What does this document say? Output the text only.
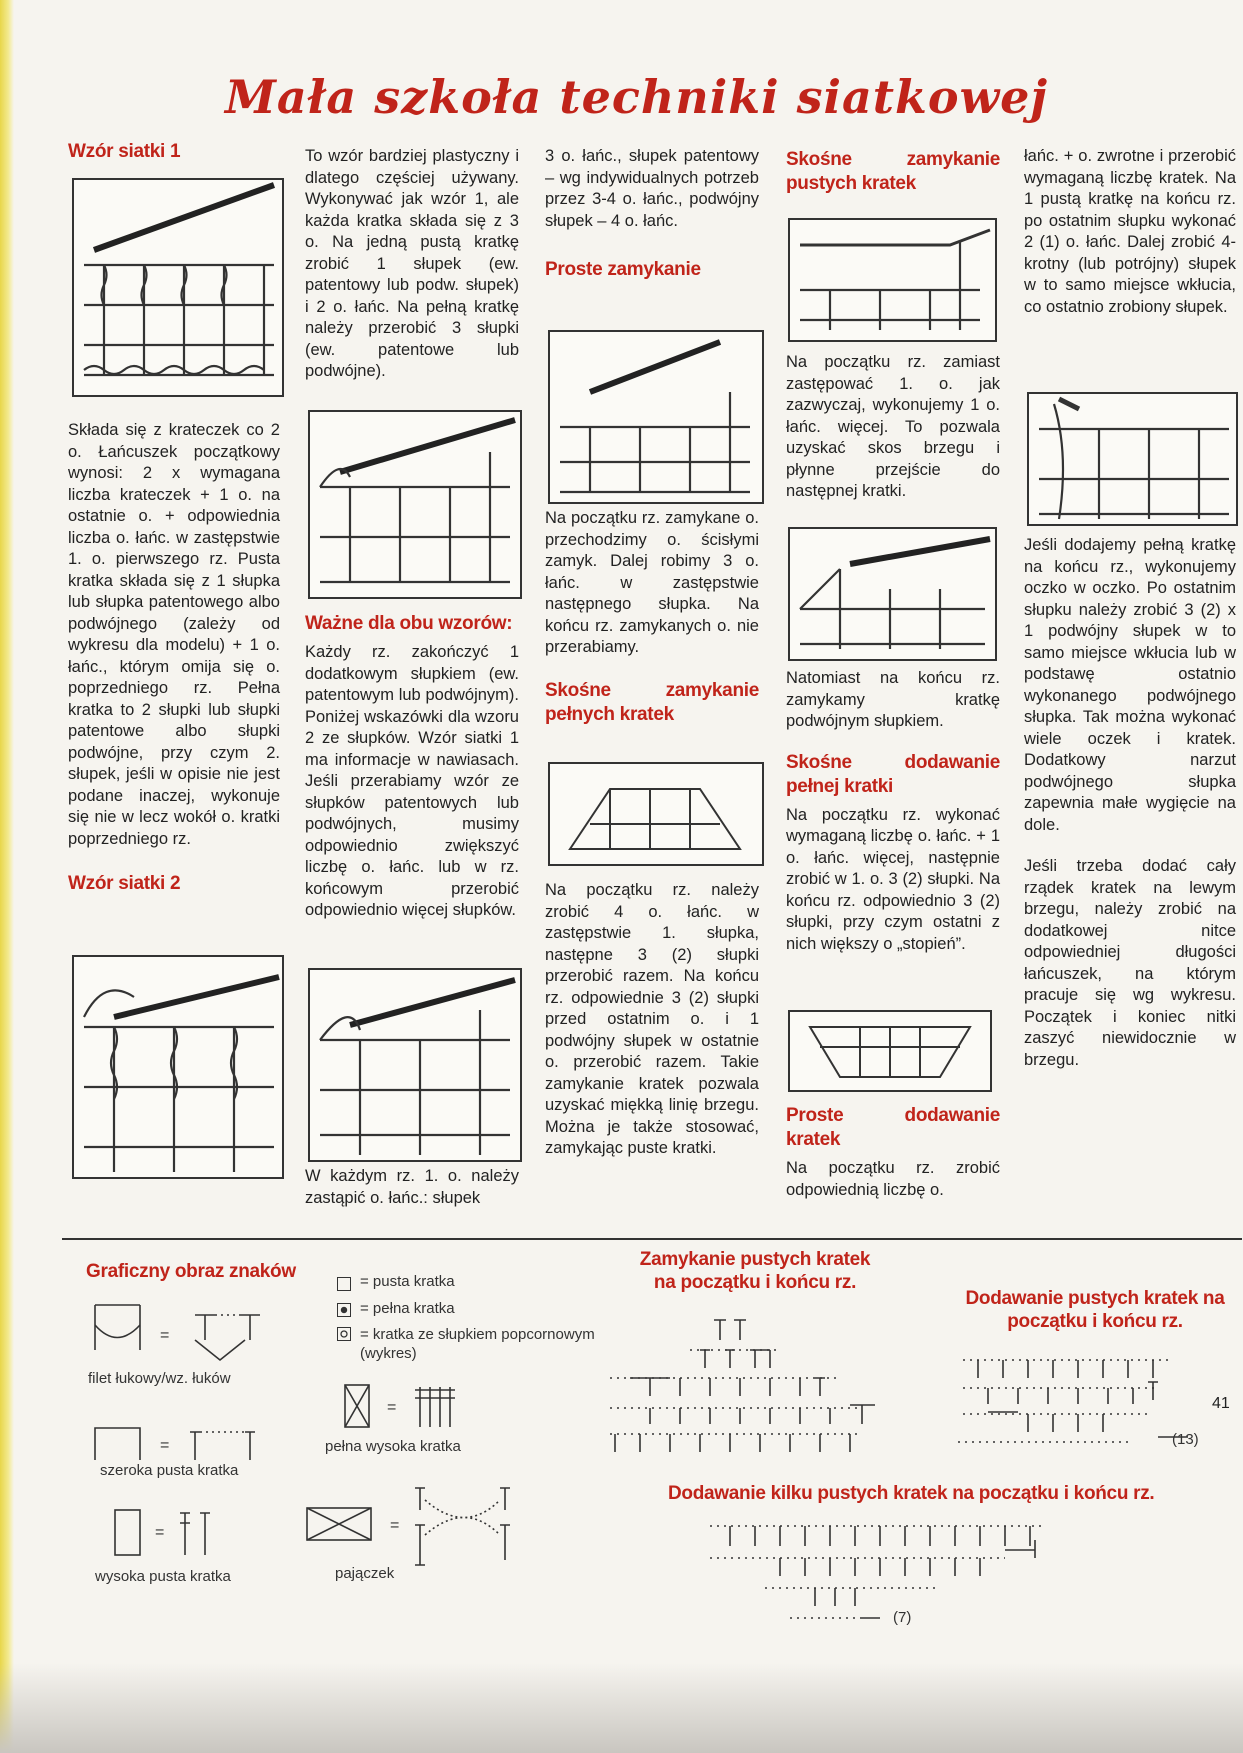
Mała szkoła techniki siatkowej
Wzór siatki 1

Składa się z krateczek co 2 o. Łańcuszek początkowy wynosi: 2 x wymagana liczba krateczek + 1 o. na ostatnie o. + odpowiednia liczba o. łańc. w zastępstwie 1. o. pierwszego rz. Pusta kratka składa się z 1 słupka lub słupka patentowego albo podwójnego (zależy od wykresu dla modelu) + 1 o. łańc., którym omija się o. poprzedniego rz. Pełna kratka to 2 słupki lub słupki patentowe albo słupki podwójne, przy czym 2. słupek, jeśli w opisie nie jest podane inaczej, wykonuje się nie w lecz wokół o. kratki poprzedniego rz.

Wzór siatki 2

To wzór bardziej plastyczny i dlatego częściej używany. Wykonywać jak wzór 1, ale każda kratka składa się z 3 o. Na jedną pustą kratkę zrobić 1 słupek (ew. patentowy lub podw. słupek) i 2 o. łańc. Na pełną kratkę należy przerobić 3 słupki (ew. patentowe lub podwójne).

Ważne dla obu wzorów:

Każdy rz. zakończyć 1 dodatkowym słupkiem (ew. patentowym lub podwójnym). Poniżej wskazówki dla wzoru 2 ze słupków. Wzór siatki 1 ma informacje w nawiasach. Jeśli przerabiamy wzór ze słupków patentowych lub podwójnych, musimy odpowiednio zwiększyć liczbę o. łańc. lub w rz. końcowym przerobić odpowiednio więcej słupków.

W każdym rz. 1. o. należy zastąpić o. łańc.: słupek

3 o. łańc., słupek patentowy – wg indywidualnych potrzeb przez 3-4 o. łańc., podwójny słupek – 4 o. łańc.

Proste zamykanie

Na początku rz. zamykane o. przechodzimy o. ścisłymi zamyk. Dalej robimy 3 o. łańc. w zastępstwie następnego słupka. Na końcu rz. zamykanych o. nie przerabiamy.

Skośne zamykanie pełnych kratek

Na początku rz. należy zrobić 4 o. łańc. w zastępstwie 1. słupka, następne 3 (2) słupki przerobić razem. Na końcu rz. odpowiednie 3 (2) słupki przed ostatnim o. i 1 podwójny słupek w ostatnie o. przerobić razem. Takie zamykanie kratek pozwala uzyskać miękką linię brzegu. Można je także stosować, zamykając puste kratki.

Skośne zamykanie pustych kratek

Na początku rz. zamiast zastępować 1. o. jak zazwyczaj, wykonujemy 1 o. łańc. więcej. To pozwala uzyskać skos brzegu i płynne przejście do następnej kratki.

Natomiast na końcu rz. zamykamy kratkę podwójnym słupkiem.

Skośne dodawanie pełnej kratki

Na początku rz. wykonać wymaganą liczbę o. łańc. + 1 o. łańc. więcej, następnie zrobić w 1. o. 3 (2) słupki. Na końcu rz. odpowiednio 3 (2) słupki, przy czym ostatni z nich większy o „stopień”.

Proste dodawanie kratek

Na początku rz. zrobić odpowiednią liczbę o.

łańc. + o. zwrotne i przerobić wymaganą liczbę kratek. Na 1 pustą kratkę na końcu rz. po ostatnim słupku wykonać 2 (1) o. łańc. Dalej zrobić 4-krotny (lub potrójny) słupek w to samo miejsce wkłucia, co ostatnio zrobiony słupek.

Jeśli dodajemy pełną kratkę na końcu rz., wykonujemy oczko w oczko. Po ostatnim słupku należy zrobić 3 (2) x 1 podwójny słupek w to samo miejsce wkłucia lub w podstawę ostatnio wykonanego podwójnego słupka. Tak można wykonać wiele oczek i kratek. Dodatkowy narzut podwójnego słupka zapewnia małe wygięcie na dole.

Jeśli trzeba dodać cały rządek kratek na lewym brzegu, należy zrobić na dodatkowej nitce odpowiedniej długości łańcuszek, na którym pracuje się wg wykresu. Początek i koniec nitki zaszyć niewidocznie w brzegu.

Graficzny obraz znaków
=
filet łukowy/wz. łuków
=
szeroka pusta kratka
=
wysoka pusta kratka
= pusta kratka
= pełna kratka
= kratka ze słupkiem popcornowym (wykres)
=
pełna wysoka kratka
=
pajączek
Zamykanie pustych kratek na początku i końcu rz.
Dodawanie pustych kratek na początku i końcu rz.
(13)
Dodawanie kilku pustych kratek na początku i końcu rz.
(7)
41
